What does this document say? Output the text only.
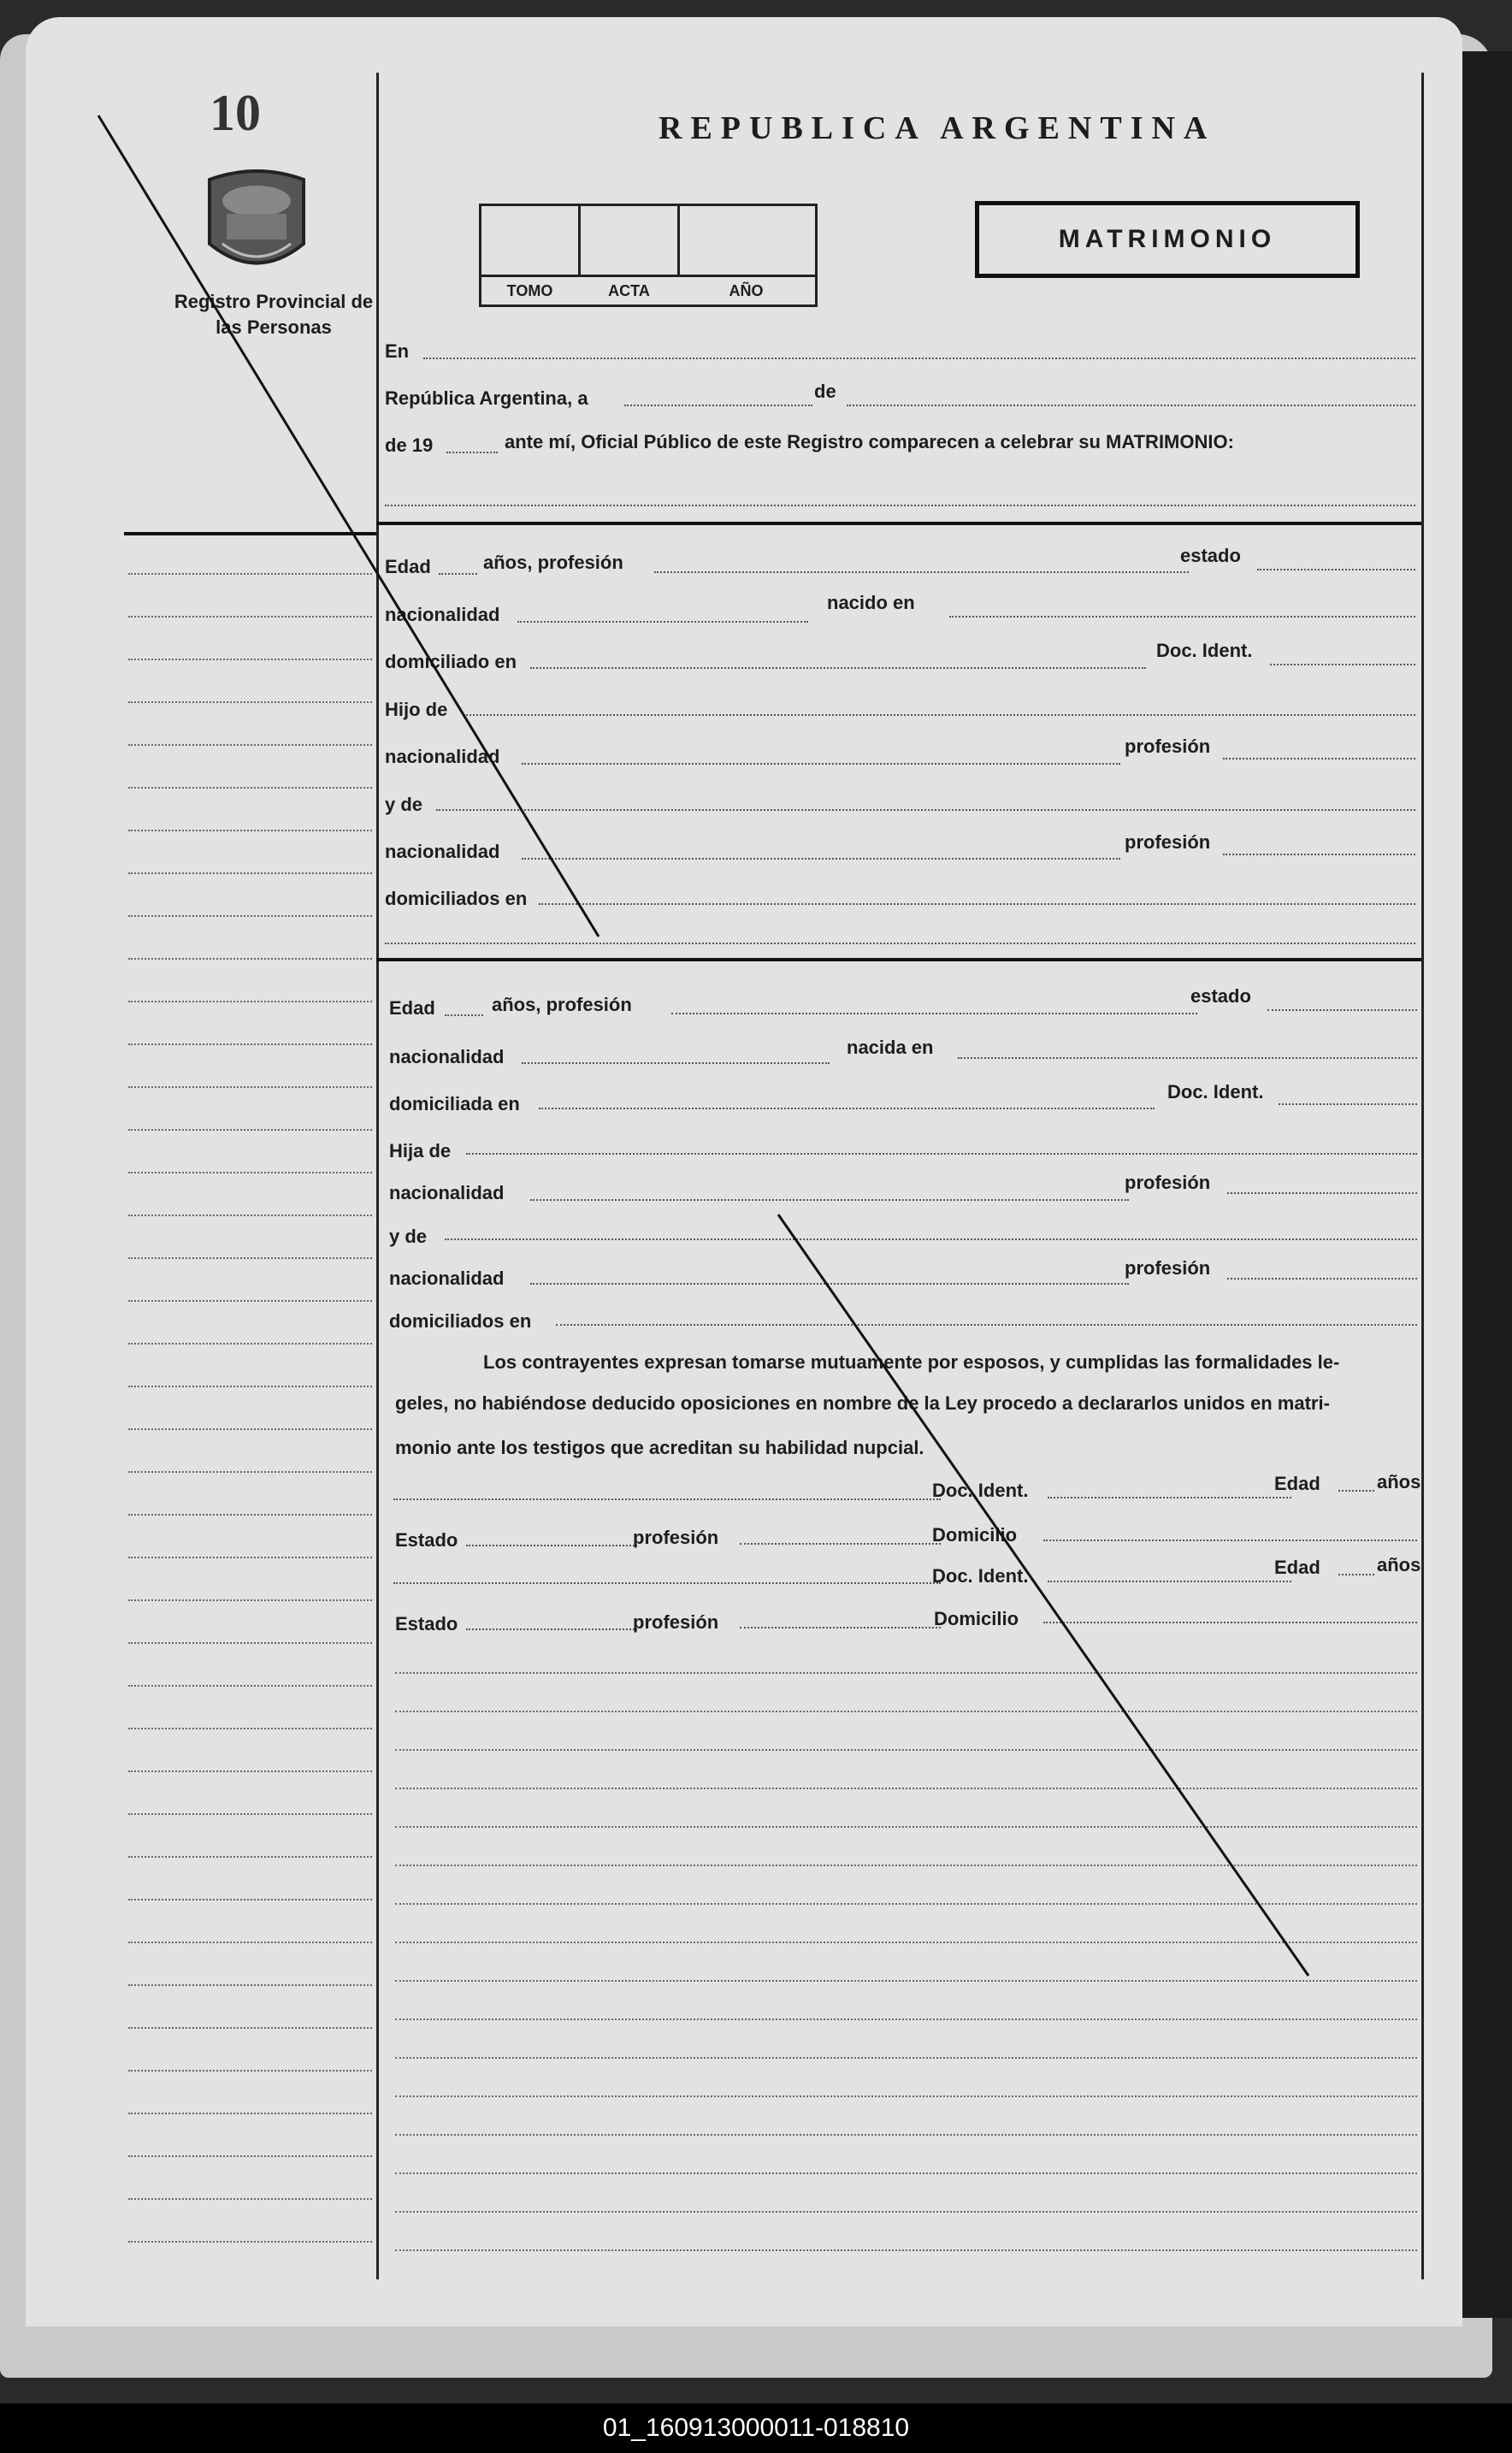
10
Registro Provincial de las Personas
REPUBLICA ARGENTINA
TOMO	ACTA	AÑO
MATRIMONIO
En
República Argentina, a	de
de 19	ante mí, Oficial Público de este Registro comparecen a celebrar su MATRIMONIO:
Edad	años, profesión	estado
nacionalidad
nacido en
domiciliado en
Doc. Ident.
Hijo de
nacionalidad	profesión
y de
nacionalidad	profesión
domiciliados en
Edad	años, profesión	estado
nacionalidad	nacida en
domiciliada en
Doc. Ident.
Hija de
nacionalidad	profesión
y de
nacionalidad	profesión
domiciliados en
Los contrayentes expresan tomarse mutuamente por esposos, y cumplidas las formalidades le-
geles, no habiéndose deducido oposiciones en nombre de la Ley procedo a declararlos unidos en matri-
monio ante los testigos que acreditan su habilidad nupcial.
Doc. Ident.	Edad	años
Estado	profesión	Domicilio
Doc. Ident.	Edad	años
Estado	profesión	Domicilio
01_160913000011-018810
